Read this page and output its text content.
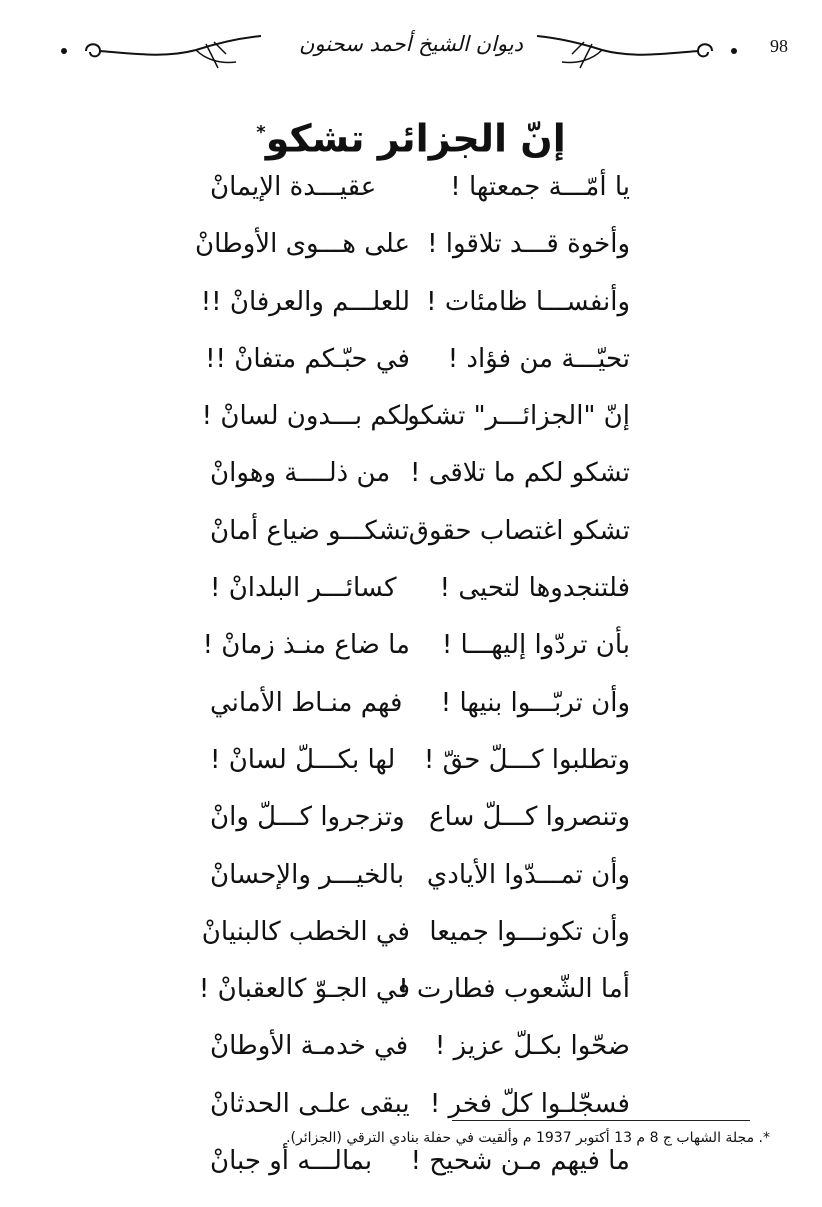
ديوان الشيخ أحمد سحنون	98
إنّ الجزائر تشكو*
يا أمّـــة جمعتها !
عقيـــدة الإيمانْ
وأخوة قـــد تلاقوا !
على هـــوى الأوطانْ
وأنفســـا ظامئات !
للعلـــم والعرفانْ !!
تحيّـــة من فؤاد !
في حبّـكم متفانْ !!
إنّ "الجزائـــر" تشكو
لكم بـــدون لسانْ !
تشكو لكم ما تلاقى !
من ذلــــة وهوانْ
تشكو اغتصاب حقوق
تشكـــو ضياع أمانْ
فلتنجدوها لتحيى !
كسائـــر البلدانْ !
بأن تردّوا إليهـــا !
ما ضاع منـذ زمانْ !
وأن تربّـــوا بنيها !
فهم منـاط الأماني
وتطلبوا كـــلّ حقّ !
لها بكـــلّ لسانْ !
وتنصروا كـــلّ ساع
وتزجروا كـــلّ وانْ
وأن تمـــدّوا الأيادي
بالخيـــر والإحسانْ
وأن تكونـــوا جميعا
في الخطب كالبنيانْ
أما الشّعوب فطارت !
في الجـوّ كالعقبانْ !
ضحّوا بكـلّ عزيز !
في خدمـة الأوطانْ
فسجّلـوا كلّ فخر !
يبقى علـى الحدثانْ
ما فيهم مـن شحيح !
بمالـــه أو جبانْ
*. مجلة الشهاب ج 8 م 13 أكتوبر 1937 م وألقيت في حفلة بنادي الترقي (الجزائر).
